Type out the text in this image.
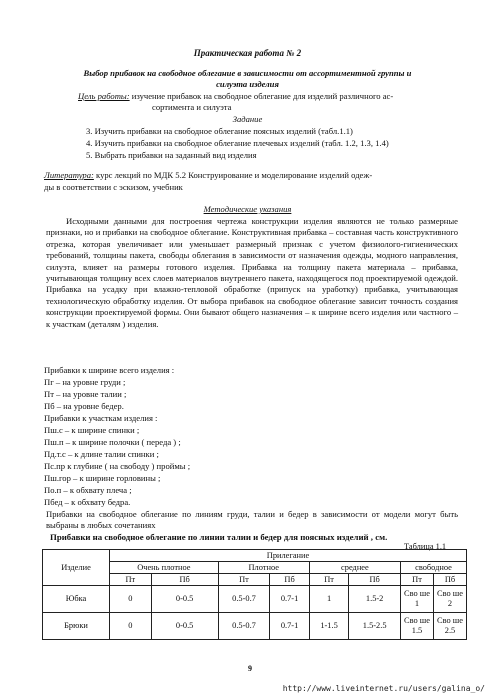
Практическая работа № 2
Выбор прибавок на свободное облегание в зависимости от ассортиментной группы и
силуэта изделия
Цель работы: изучение прибавок на свободное облегание для изделий различного ас-
сортимента и силуэта
Задание
3. Изучить прибавки на свободное облегание поясных изделий (табл.1.1)
4. Изучить прибавки на свободное облегание плечевых изделий (табл. 1.2, 1.3, 1.4)
5. Выбрать прибавки на заданный вид изделия
Литература: курс лекций по МДК 5.2 Конструирование и моделирование изделий одеж-
ды в соответствии с эскизом, учебник
Методические указания
Исходными данными для построения чертежа конструкции изделия являются не только размерные признаки, но и прибавки на свободное облегание. Конструктивная прибавка – составная часть конструктивного отрезка, которая увеличивает или уменьшает размерный признак с учетом физиолого-гигиенических требований, толщины пакета, свободы облегания в зависимости от назначения одежды, модного направления, силуэта, влияет на размеры готового изделия. Прибавка на толщину пакета материала – прибавка, учитывающая толщину всех слоев материалов внутреннего пакета, находящегося под проектируемой одеждой. Прибавка на усадку при влажно-тепловой обработке (припуск на уработку) прибавка, учитывающая технологическую обработку изделия. От выбора прибавок на свободное облегание зависит точность создания конструкции проектируемой формы. Они бывают общего назначения – к ширине всего изделия или частного – к участкам (деталям ) изделия.
Прибавки к ширине всего изделия :
Пг – на уровне груди ;
Пт – на уровне талии ;
Пб – на уровне бедер.
Прибавки к участкам изделия :
Пш.с – к ширине спинки ;
Пш.п – к ширине полочки ( переда ) ;
Пд.т.с – к длине талии спинки ;
Пс.пр к глубине ( на свободу ) проймы ;
Пш.гор – к ширине горловины ;
По.п – к обхвату плеча ;
Пбед – к обхвату бедра.
Прибавки на свободное облегание по линиям груди, талии и бедер в зависимости от модели могут быть выбраны в любых сочетаниях
Прибавки на свободное облегание по линии талии и бедер для поясных изделий , см.
Таблица 1.1
Изделие	Прилегание							
	Очень плотное		Плотное		среднее		свободное	
	Пт	Пб	Пт	Пб	Пт	Пб	Пт	Пб
Юбка	0	0-0.5	0.5-0.7	0.7-1	1	1.5-2	Сво ше 1	Сво ше 2
Брюки	0	0-0.5	0.5-0.7	0.7-1	1-1.5	1.5-2.5	Сво ше 1.5	Сво ше 2.5
9
http://www.liveinternet.ru/users/galina_o/
